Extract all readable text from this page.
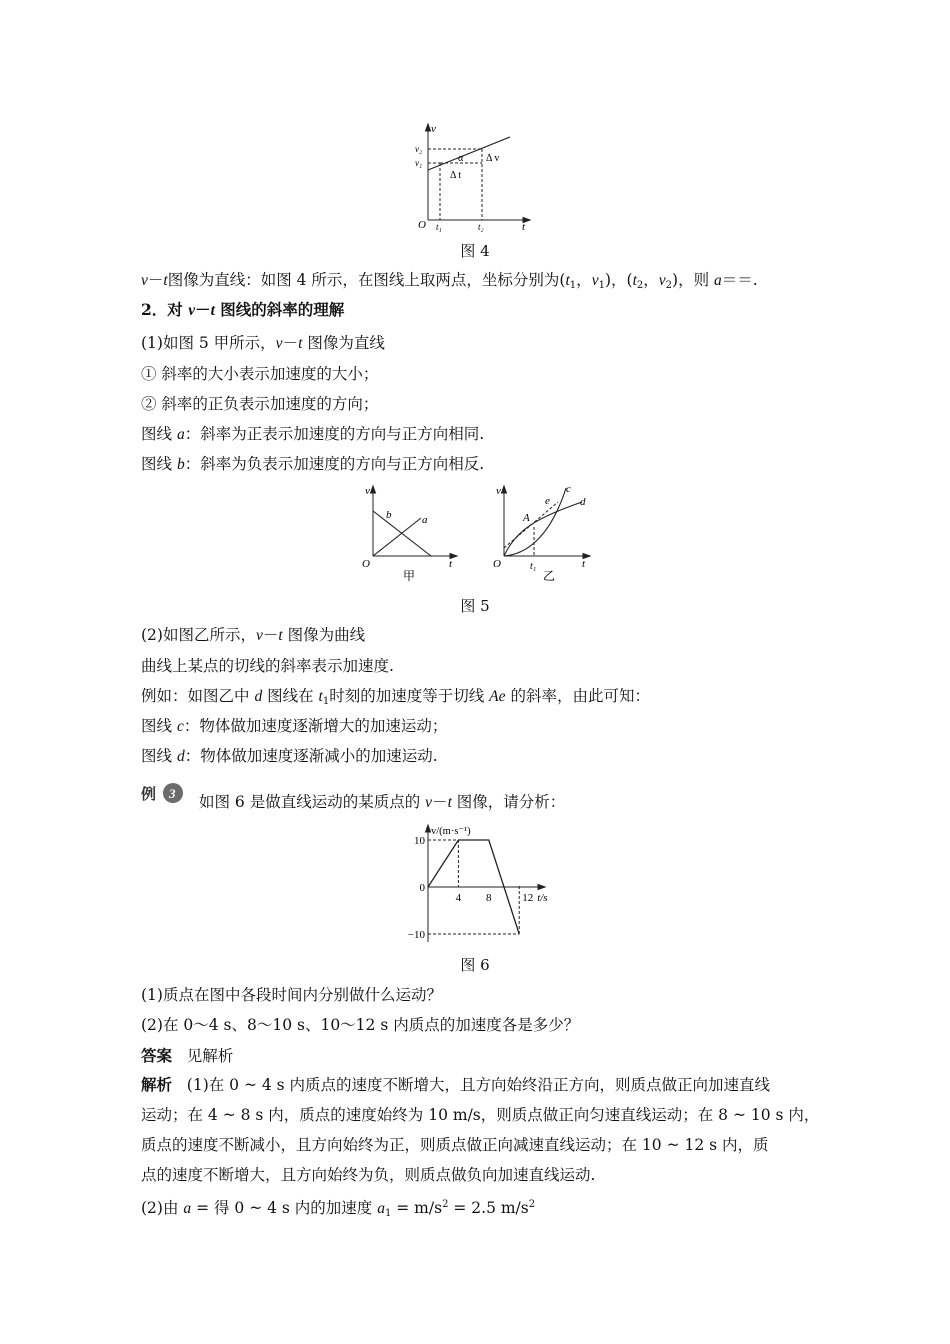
v
v₂
v₁	α Δ v
Δ t
O t₁	t₂	t
图 4
v－t图像为直线：如图 4 所示，在图线上取两点，坐标分别为($t_1$，$v_1$)，($t_2$，$v_2$)，则 a＝＝.
2．对 v－t 图线的斜率的理解
(1)如图 5 甲所示，v－t 图像为直线
① 斜率的大小表示加速度的大小；
② 斜率的正负表示加速度的方向；
图线 a：斜率为正表示加速度的方向与正方向相同.
图线 b：斜率为负表示加速度的方向与正方向相反.
v
b	a
O	t
甲
v
e
c
d
A
O	t₁	t
乙
图 5
(2)如图乙所示，v－t 图像为曲线
曲线上某点的切线的斜率表示加速度.
例如：如图乙中 d 图线在 $t_1$时刻的加速度等于切线 Ae 的斜率，由此可知：
图线 c：物体做加速度逐渐增大的加速运动；
图线 d：物体做加速度逐渐减小的加速运动.
例 3 如图 6 是做直线运动的某质点的 v－t 图像，请分析：
10
0
−10
4 8	12
v/(m·s⁻¹)
t/s
图 6
(1)质点在图中各段时间内分别做什么运动？
(2)在 0～4 s、8～10 s、10～12 s 内质点的加速度各是多少？
答案 见解析
解析 (1)在 0 ~ 4 s 内质点的速度不断增大，且方向始终沿正方向，则质点做正向加速直线
运动；在 4 ~ 8 s 内，质点的速度始终为 10 m/s，则质点做正向匀速直线运动；在 8 ~ 10 s 内，
质点的速度不断减小，且方向始终为正，则质点做正向减速直线运动；在 10 ~ 12 s 内，质
点的速度不断增大，且方向始终为负，则质点做负向加速直线运动.
(2)由 a = 得 0 ~ 4 s 内的加速度 $a_1 = m/s^2 = 2.5$ $m/s^2$
